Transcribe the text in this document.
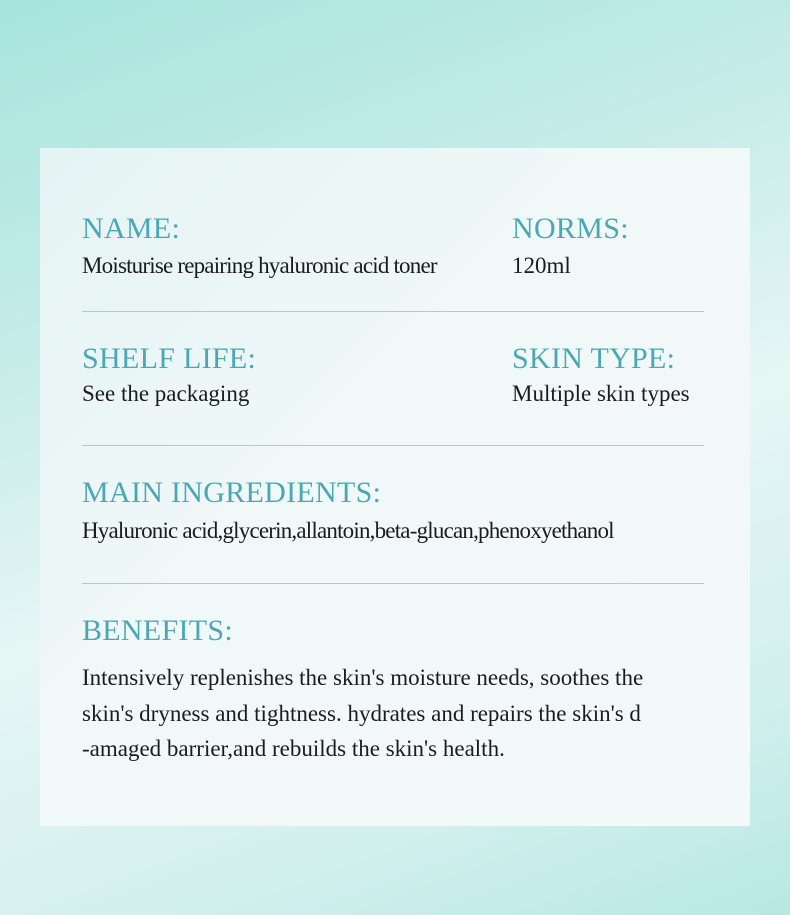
NAME:
Moisturise repairing hyaluronic acid toner
NORMS:
120ml
SHELF LIFE:
See the packaging
SKIN TYPE:
Multiple skin types
MAIN INGREDIENTS:
Hyaluronic acid,glycerin,allantoin,beta-glucan,phenoxyethanol
BENEFITS:
Intensively replenishes the skin's moisture needs, soothes the
skin's dryness and tightness. hydrates and repairs the skin's d
-amaged barrier,and rebuilds the skin's health.
